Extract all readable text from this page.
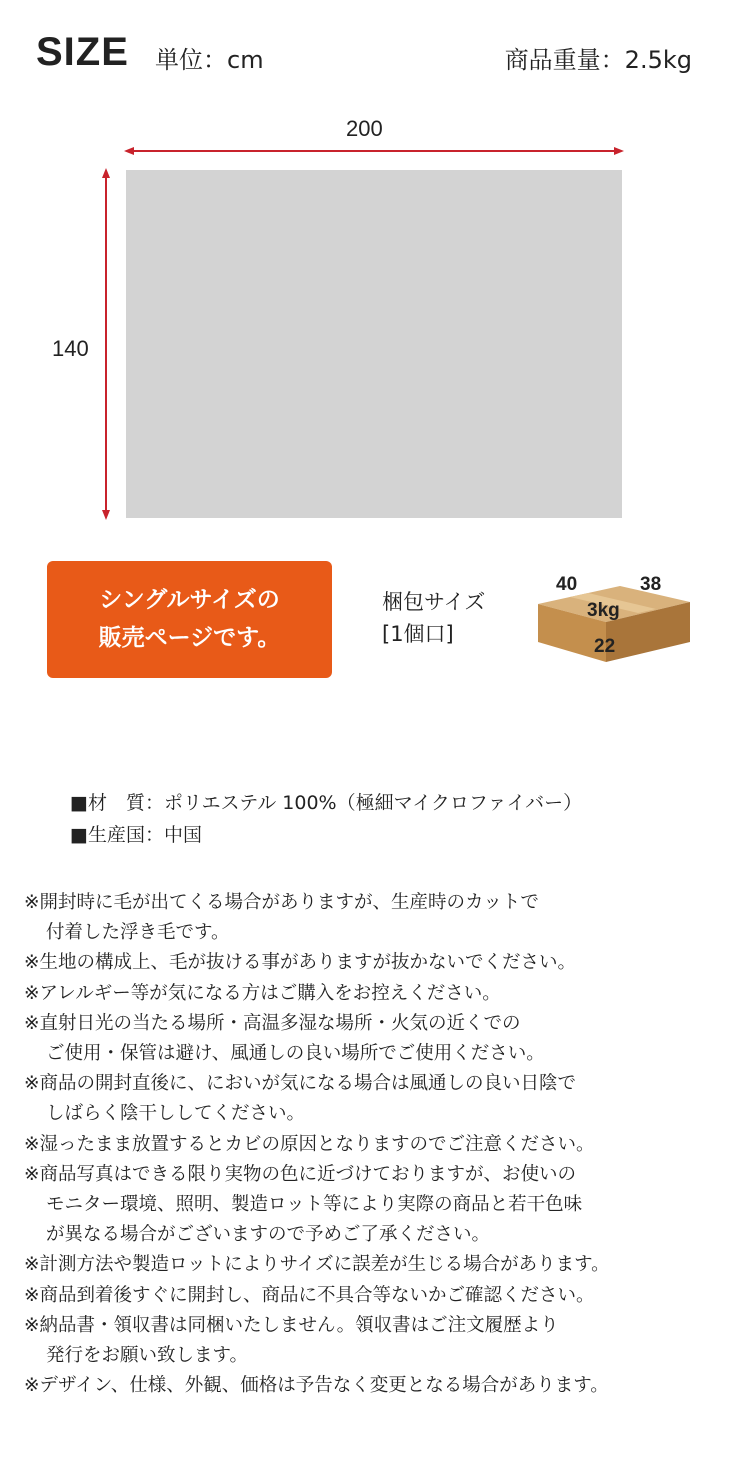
SIZE 単位：cm	商品重量：2.5kg
200
140
シングルサイズの
販売ページです。
梱包サイズ
[1個口]
40	38
3kg
22
■材　質：ポリエステル 100%（極細マイクロファイバー）
■生産国：中国
※開封時に毛が出てくる場合がありますが、生産時のカットで
付着した浮き毛です。
※生地の構成上、毛が抜ける事がありますが抜かないでください。
※アレルギー等が気になる方はご購入をお控えください。
※直射日光の当たる場所・高温多湿な場所・火気の近くでの
ご使用・保管は避け、風通しの良い場所でご使用ください。
※商品の開封直後に、においが気になる場合は風通しの良い日陰で
しばらく陰干ししてください。
※湿ったまま放置するとカビの原因となりますのでご注意ください。
※商品写真はできる限り実物の色に近づけておりますが、お使いの
モニター環境、照明、製造ロット等により実際の商品と若干色味
が異なる場合がございますので予めご了承ください。
※計測方法や製造ロットによりサイズに誤差が生じる場合があります。
※商品到着後すぐに開封し、商品に不具合等ないかご確認ください。
※納品書・領収書は同梱いたしません。領収書はご注文履歴より
発行をお願い致します。
※デザイン、仕様、外観、価格は予告なく変更となる場合があります。
